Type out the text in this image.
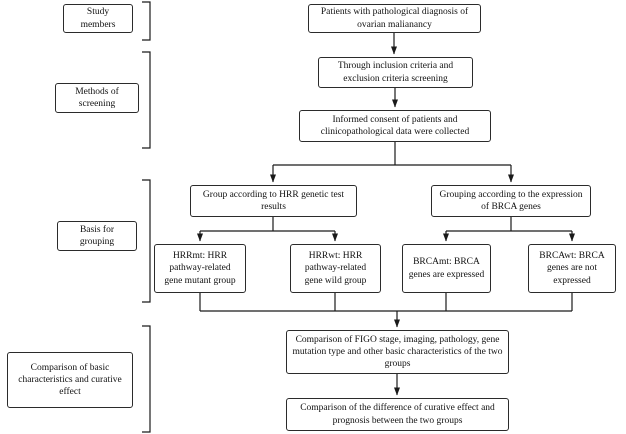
Study members
Methods of screening
Basis for grouping
Comparison of basic characteristics and curative effect
Patients with pathological diagnosis of ovarian malianancy
Through inclusion criteria and exclusion criteria screening
Informed consent of patients and clinicopathological data were collected
Group according to HRR genetic test results
Grouping according to the expression of BRCA genes
HRRmt: HRR pathway-related gene mutant group
HRRwt: HRR pathway-related gene wild group
BRCAmt: BRCA genes are expressed
BRCAwt: BRCA genes are not expressed
Comparison of FIGO stage, imaging, pathology, gene mutation type and other basic characteristics of the two groups
Comparison of the difference of curative effect and prognosis between the two groups
